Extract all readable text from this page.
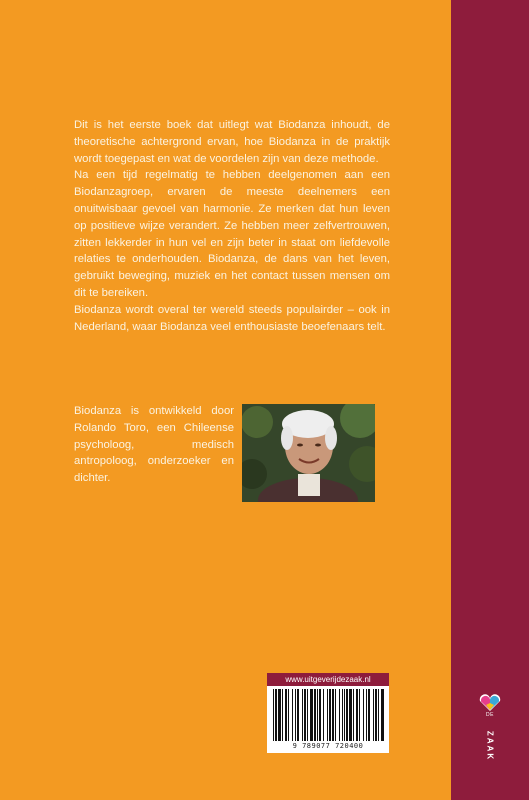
Dit is het eerste boek dat uitlegt wat Biodanza inhoudt, de theoretische achtergrond ervan, hoe Biodanza in de praktijk wordt toegepast en wat de voordelen zijn van deze methode.

Na een tijd regelmatig te hebben deelgenomen aan een Biodanzagroep, ervaren de meeste deelnemers een onuitwisbaar gevoel van harmonie. Ze merken dat hun leven op positieve wijze verandert. Ze hebben meer zelfvertrouwen, zitten lekkerder in hun vel en zijn beter in staat om liefdevolle relaties te onderhouden. Biodanza, de dans van het leven, gebruikt beweging, muziek en het contact tussen mensen om dit te bereiken.

Biodanza wordt overal ter wereld steeds populairder – ook in Nederland, waar Biodanza veel enthousiaste beoefenaars telt.

Biodanza is ontwikkeld door Rolando Toro, een Chileense psycholoog, medisch antropoloog, onderzoeker en dichter.
www.uitgeverijdezaak.nl
9 789077 720400
DE
ZAAK
